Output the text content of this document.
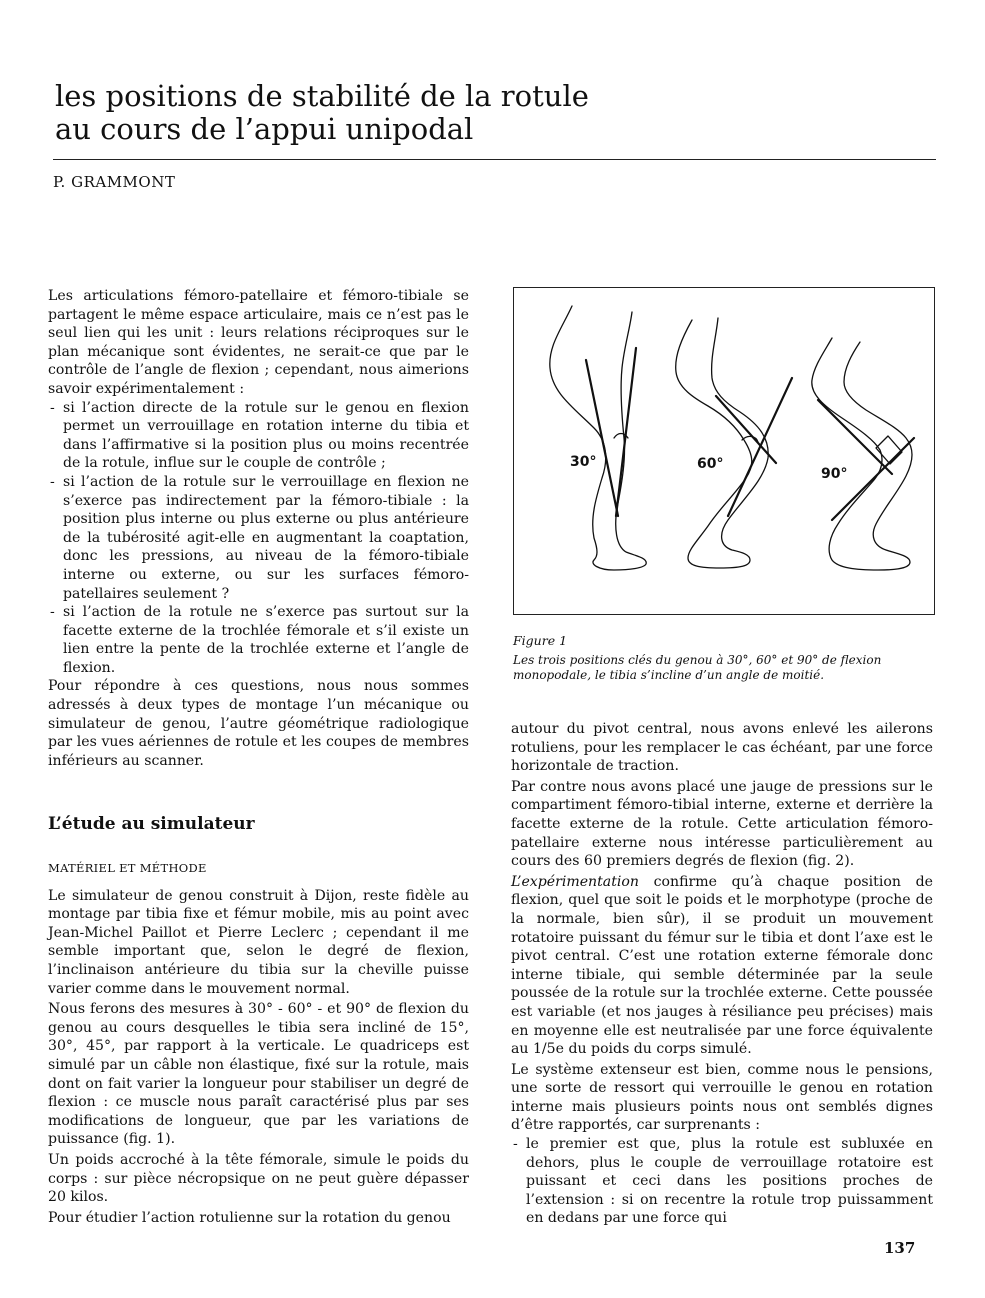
les positions de stabilité de la rotule
au cours de l’appui unipodal
P. GRAMMONT

Les articulations fémoro-patellaire et fémoro-tibiale se partagent le même espace articulaire, mais ce n’est pas le seul lien qui les unit : leurs relations réciproques sur le plan mécanique sont évidentes, ne serait-ce que par le contrôle de l’angle de flexion ; cependant, nous aimerions savoir expérimentalement :

- si l’action directe de la rotule sur le genou en flexion permet un verrouillage en rotation interne du tibia et dans l’affirmative si la position plus ou moins recentrée de la rotule, influe sur le couple de contrôle ;
- si l’action de la rotule sur le verrouillage en flexion ne s’exerce pas indirectement par la fémoro-tibiale : la position plus interne ou plus externe ou plus antérieure de la tubérosité agit-elle en augmentant la coaptation, donc les pressions, au niveau de la fémoro-tibiale interne ou externe, ou sur les surfaces fémoro-patellaires seulement ?
- si l’action de la rotule ne s’exerce pas surtout sur la facette externe de la trochlée fémorale et s’il existe un lien entre la pente de la trochlée externe et l’angle de flexion.

Pour répondre à ces questions, nous nous sommes adressés à deux types de montage l’un mécanique ou simulateur de genou, l’autre géométrique radiologique par les vues aériennes de rotule et les coupes de membres inférieurs au scanner.

L’étude au simulateur
MATÉRIEL ET MÉTHODE

Le simulateur de genou construit à Dijon, reste fidèle au montage par tibia fixe et fémur mobile, mis au point avec Jean-Michel Paillot et Pierre Leclerc ; cependant il me semble important que, selon le degré de flexion, l’inclinaison antérieure du tibia sur la cheville puisse varier comme dans le mouvement normal.

Nous ferons des mesures à 30° - 60° - et 90° de flexion du genou au cours desquelles le tibia sera incliné de 15°, 30°, 45°, par rapport à la verticale. Le quadriceps est simulé par un câble non élastique, fixé sur la rotule, mais dont on fait varier la longueur pour stabiliser un degré de flexion : ce muscle nous paraît caractérisé plus par ses modifications de longueur, que par les variations de puissance (fig. 1).

Un poids accroché à la tête fémorale, simule le poids du corps : sur pièce nécropsique on ne peut guère dépasser 20 kilos.

Pour étudier l’action rotulienne sur la rotation du genou

30°	60°
90°
Figure 1
Les trois positions clés du genou à 30°, 60° et 90° de flexion monopodale, le tibia s’incline d’un angle de moitié.

autour du pivot central, nous avons enlevé les ailerons rotuliens, pour les remplacer le cas échéant, par une force horizontale de traction.

Par contre nous avons placé une jauge de pressions sur le compartiment fémoro-tibial interne, externe et derrière la facette externe de la rotule. Cette articulation fémoro-patellaire externe nous intéresse particulièrement au cours des 60 premiers degrés de flexion (fig. 2).

L’expérimentation confirme qu’à chaque position de flexion, quel que soit le poids et le morphotype (proche de la normale, bien sûr), il se produit un mouvement rotatoire puissant du fémur sur le tibia et dont l’axe est le pivot central. C’est une rotation externe fémorale donc interne tibiale, qui semble déterminée par la seule poussée de la rotule sur la trochlée externe. Cette poussée est variable (et nos jauges à résiliance peu précises) mais en moyenne elle est neutralisée par une force équivalente au 1/5e du poids du corps simulé.

Le système extenseur est bien, comme nous le pensions, une sorte de ressort qui verrouille le genou en rotation interne mais plusieurs points nous ont semblés dignes d’être rapportés, car surprenants :

- le premier est que, plus la rotule est subluxée en dehors, plus le couple de verrouillage rotatoire est puissant et ceci dans les positions proches de l’extension : si on recentre la rotule trop puissamment en dedans par une force qui
137
